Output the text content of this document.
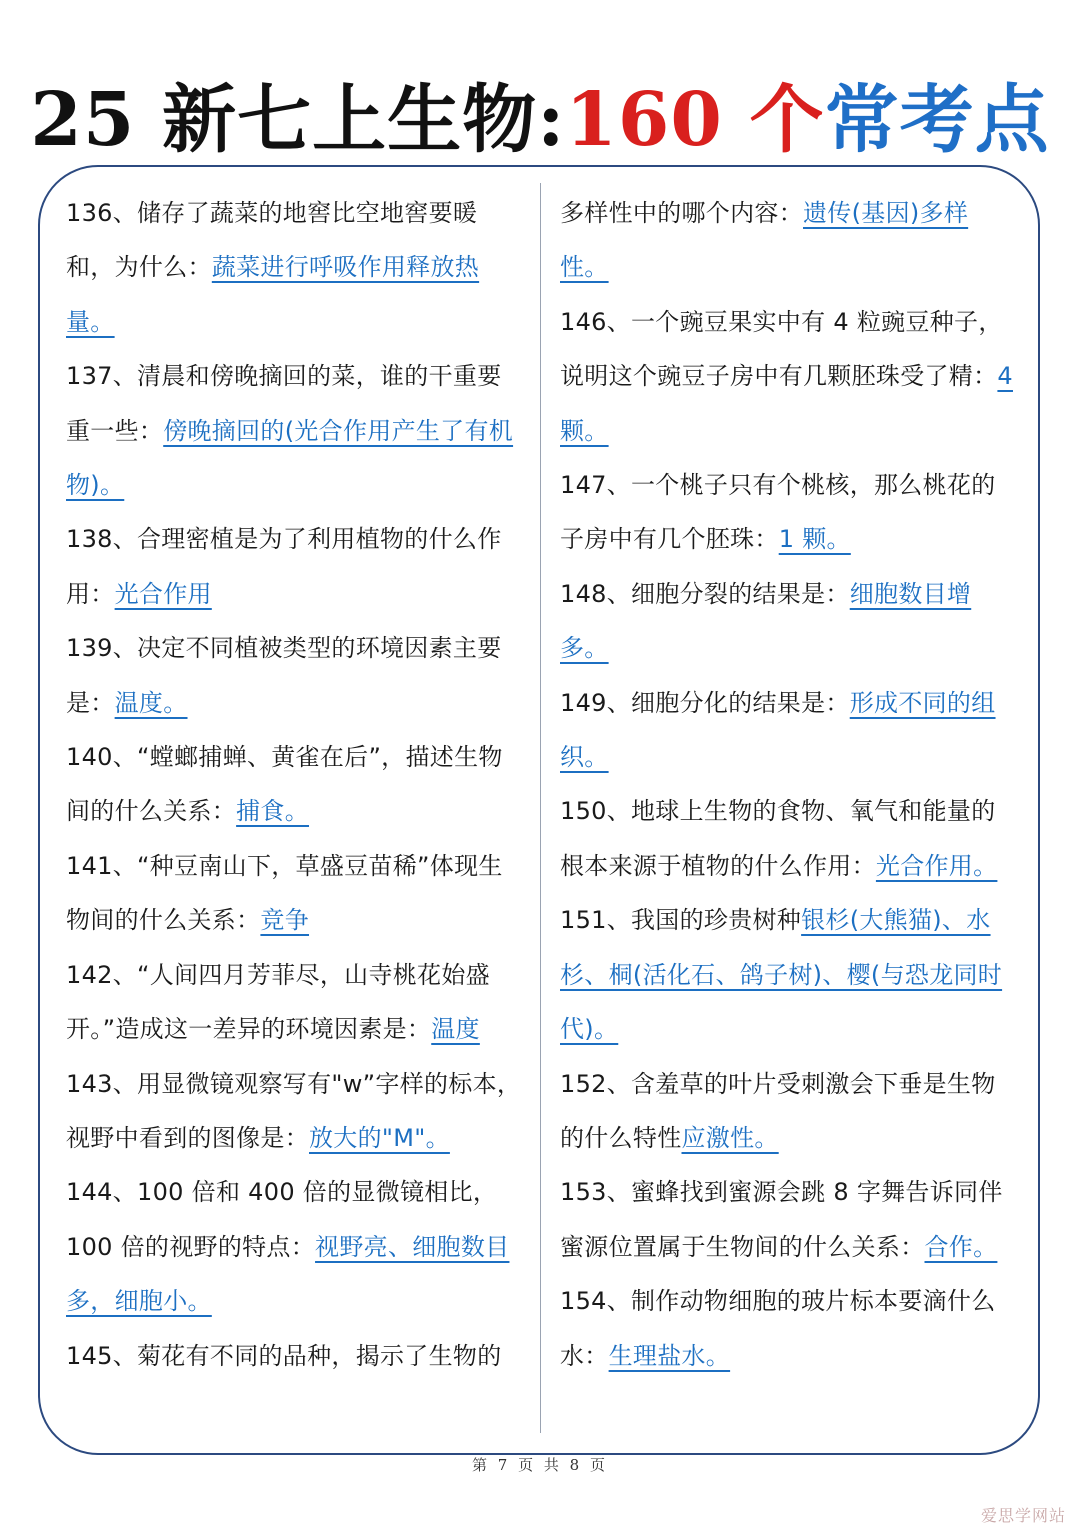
25 新七上生物:160 个常考点

136、储存了蔬菜的地窖比空地窖要暖和，为什么：蔬菜进行呼吸作用释放热量。

137、清晨和傍晚摘回的菜，谁的干重要重一些：傍晚摘回的(光合作用产生了有机物)。

138、合理密植是为了利用植物的什么作用：光合作用

139、决定不同植被类型的环境因素主要是：温度。

140、“螳螂捕蝉、黄雀在后”，描述生物间的什么关系：捕食。

141、“种豆南山下，草盛豆苗稀”体现生物间的什么关系：竞争

142、“人间四月芳菲尽，山寺桃花始盛开。”造成这一差异的环境因素是：温度

143、用显微镜观察写有"w”字样的标本，视野中看到的图像是：放大的"M"。

144、100 倍和 400 倍的显微镜相比，100 倍的视野的特点：视野亮、细胞数目多，细胞小。

145、菊花有不同的品种，揭示了生物的

多样性中的哪个内容：遗传(基因)多样性。

146、一个豌豆果实中有 4 粒豌豆种子，说明这个豌豆子房中有几颗胚珠受了精：4 颗。

147、一个桃子只有个桃核，那么桃花的子房中有几个胚珠：1 颗。

148、细胞分裂的结果是：细胞数目增多。

149、细胞分化的结果是：形成不同的组织。

150、地球上生物的食物、氧气和能量的根本来源于植物的什么作用：光合作用。

151、我国的珍贵树种银杉(大熊猫)、水杉、桐(活化石、鸽子树)、樱(与恐龙同时代)。

152、含羞草的叶片受刺激会下垂是生物的什么特性应激性。

153、蜜蜂找到蜜源会跳 8 字舞告诉同伴蜜源位置属于生物间的什么关系：合作。

154、制作动物细胞的玻片标本要滴什么水：生理盐水。

第 7 页 共 8 页
爱思学网站
